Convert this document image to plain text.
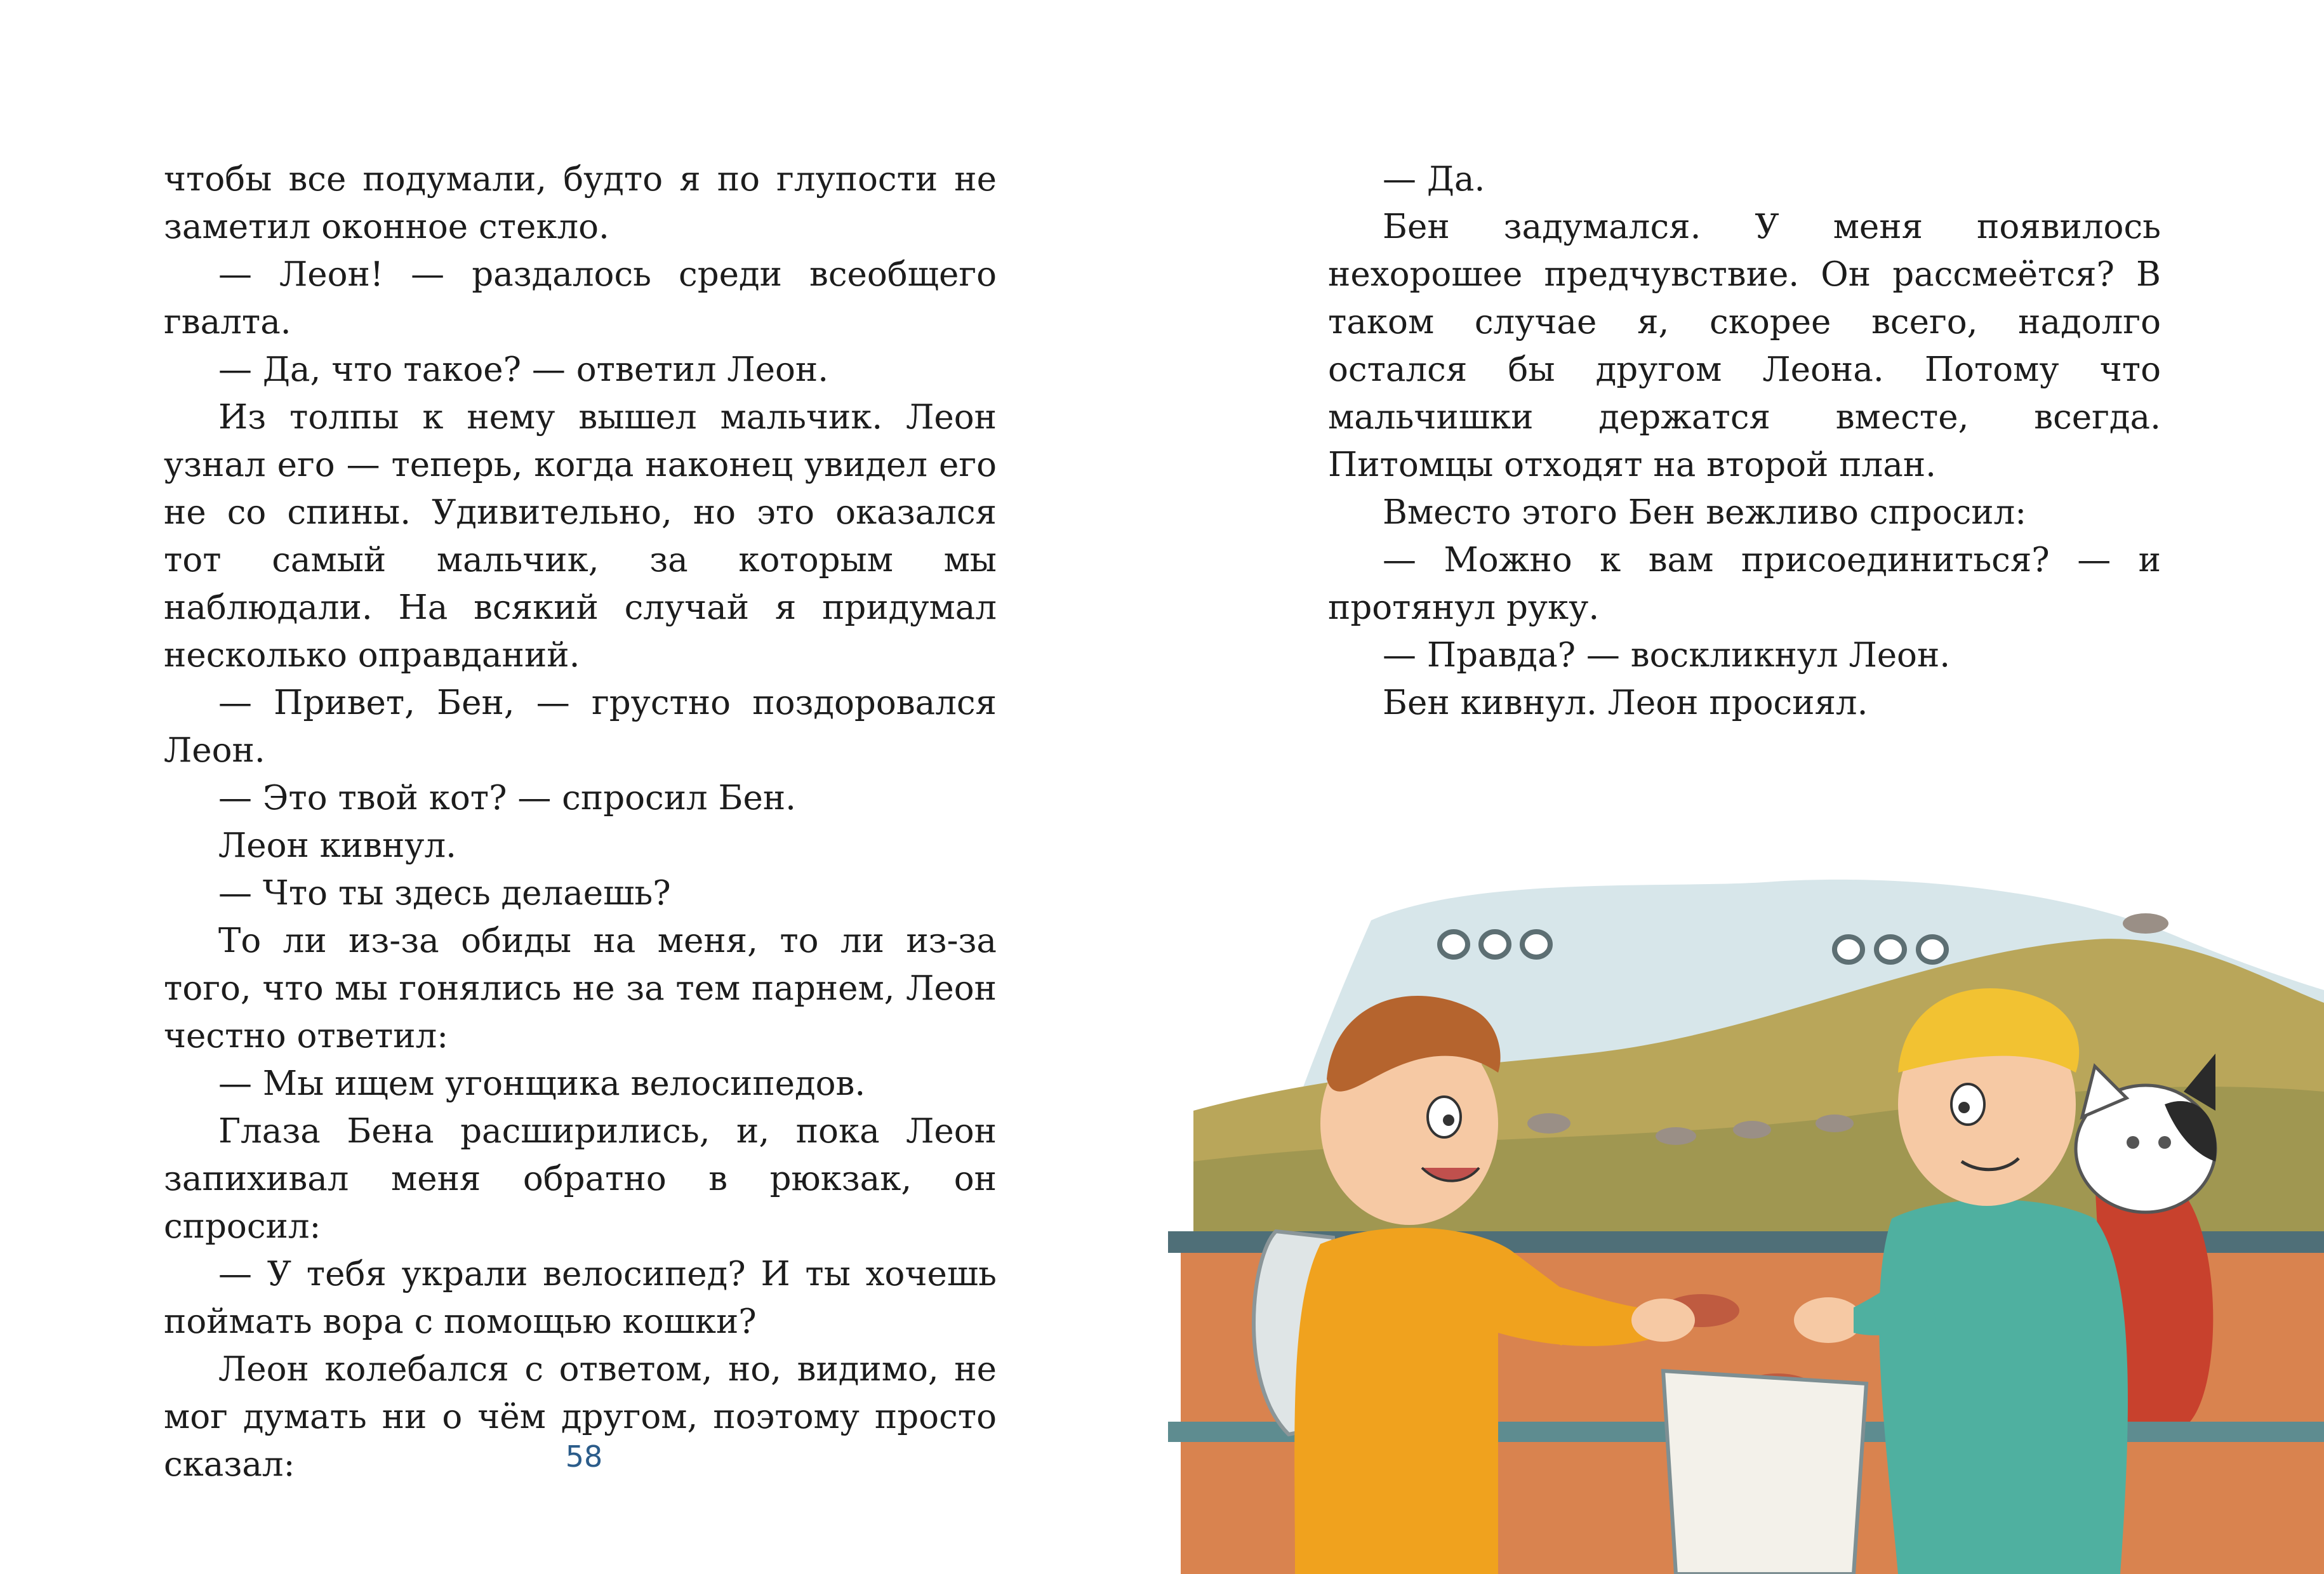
чтобы все подумали, будто я по глупости не заметил оконное стекло.

— Леон! — раздалось среди всеобщего гвалта.

— Да, что такое? — ответил Леон.

Из толпы к нему вышел мальчик. Леон узнал его — теперь, когда наконец увидел его не со спины. Удивительно, но это оказался тот самый мальчик, за которым мы наблюдали. На всякий случай я придумал несколько оправданий.

— Привет, Бен, — грустно поздоровался Леон.

— Это твой кот? — спросил Бен.

Леон кивнул.

— Что ты здесь делаешь?

То ли из-за обиды на меня, то ли из-за того, что мы гонялись не за тем парнем, Леон честно ответил:

— Мы ищем угонщика велосипедов.

Глаза Бена расширились, и, пока Леон запихивал меня обратно в рюкзак, он спросил:

— У тебя украли велосипед? И ты хочешь поймать вора с помощью кошки?

Леон колебался с ответом, но, видимо, не мог думать ни о чём другом, поэтому просто сказал:	58

— Да.

Бен задумался. У меня появилось нехорошее предчувствие. Он рассмеётся? В таком случае я, скорее всего, надолго остался бы другом Леона. Потому что мальчишки держатся вместе, всегда. Питомцы отходят на второй план.

Вместо этого Бен вежливо спросил:

— Можно к вам присоединиться? — и протянул руку.

— Правда? — воскликнул Леон.

Бен кивнул. Леон просиял.
